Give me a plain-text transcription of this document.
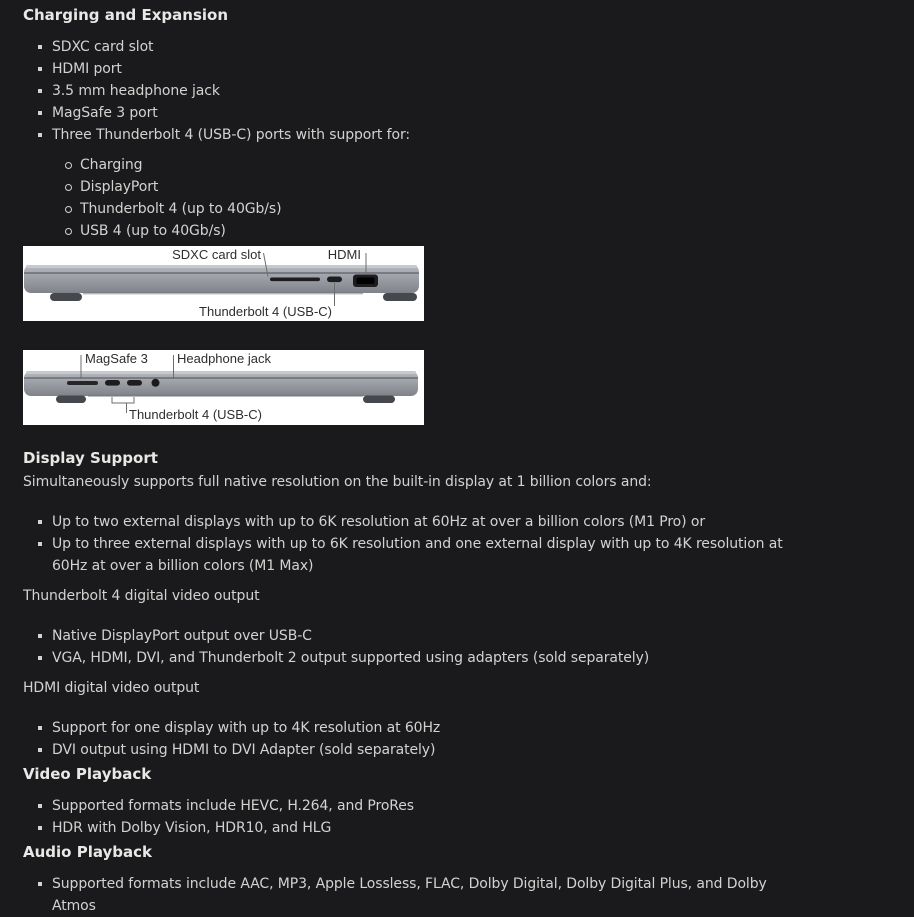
Charging and Expansion
SDXC card slot
HDMI port
3.5 mm headphone jack
MagSafe 3 port
Three Thunderbolt 4 (USB-C) ports with support for:
Charging
DisplayPort
Thunderbolt 4 (up to 40Gb/s)
USB 4 (up to 40Gb/s)
SDXC card slot	HDMI
Thunderbolt 4 (USB-C)
MagSafe 3 Headphone jack
Thunderbolt 4 (USB-C)
Display Support

Simultaneously supports full native resolution on the built-in display at 1 billion colors and:

Up to two external displays with up to 6K resolution at 60Hz at over a billion colors (M1 Pro) or
Up to three external displays with up to 6K resolution and one external display with up to 4K resolution at 60Hz at over a billion colors (M1 Max)

Thunderbolt 4 digital video output

Native DisplayPort output over USB-C
VGA, HDMI, DVI, and Thunderbolt 2 output supported using adapters (sold separately)

HDMI digital video output

Support for one display with up to 4K resolution at 60Hz
DVI output using HDMI to DVI Adapter (sold separately)
Video Playback
Supported formats include HEVC, H.264, and ProRes
HDR with Dolby Vision, HDR10, and HLG
Audio Playback
Supported formats include AAC, MP3, Apple Lossless, FLAC, Dolby Digital, Dolby Digital Plus, and Dolby Atmos
